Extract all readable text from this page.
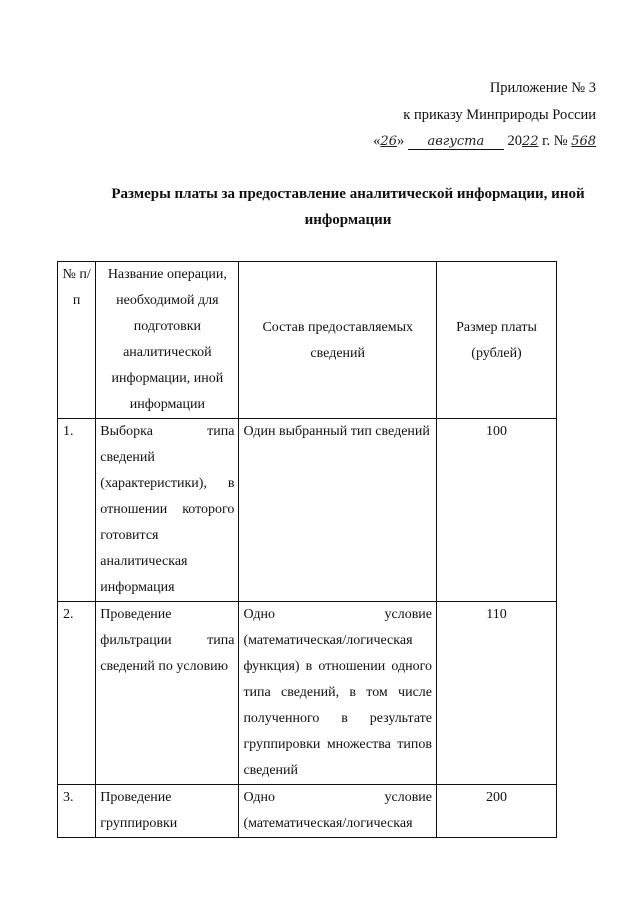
Приложение № 3
к приказу Минприроды России
«26» августа 2022 г. № 568
Размеры платы за предоставление аналитической информации, иной информации
№ п/п	Название операции, необходимой для подготовки аналитической информации, иной информации	Состав предоставляемых сведений	Размер платы (рублей)
1.	Выборка типа сведений (характеристики), в отношении которого готовится аналитическая информация	Один выбранный тип сведений	100
2.	Проведение фильтрации типа сведений по условию	Одно условие (математическая/логическая функция) в отношении одного типа сведений, в том числе полученного в результате группировки множества типов сведений	110
3.	Проведение группировки	Одно условие (математическая/логическая	200
